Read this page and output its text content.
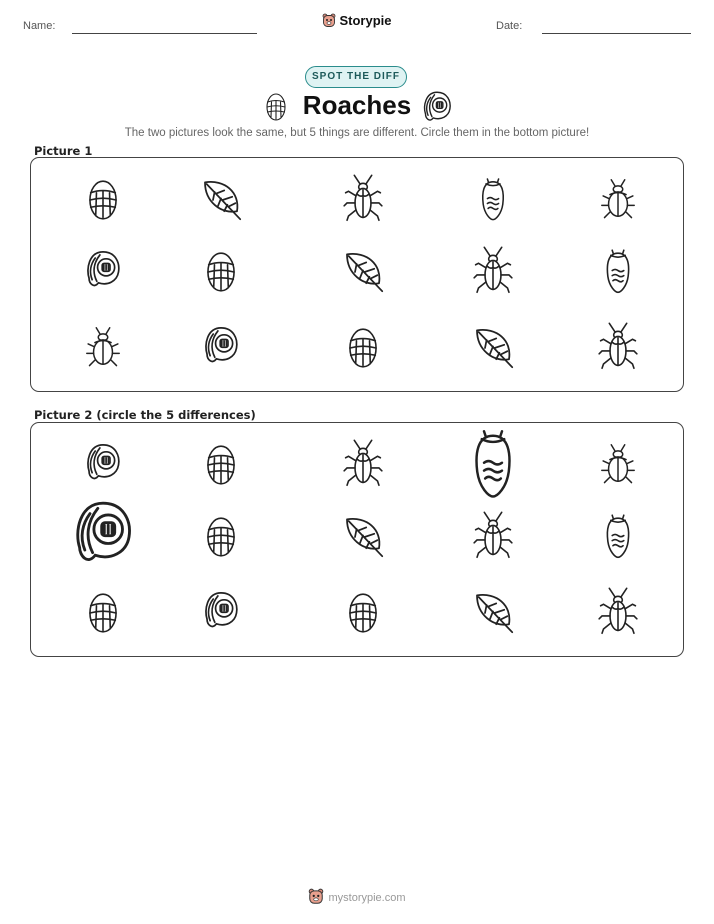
Name:	Storypie	Date:
SPOT THE DIFF
Roaches
The two pictures look the same, but 5 things are different. Circle them in the bottom picture!
Picture 1
Picture 2 (circle the 5 differences)
mystorypie.com
